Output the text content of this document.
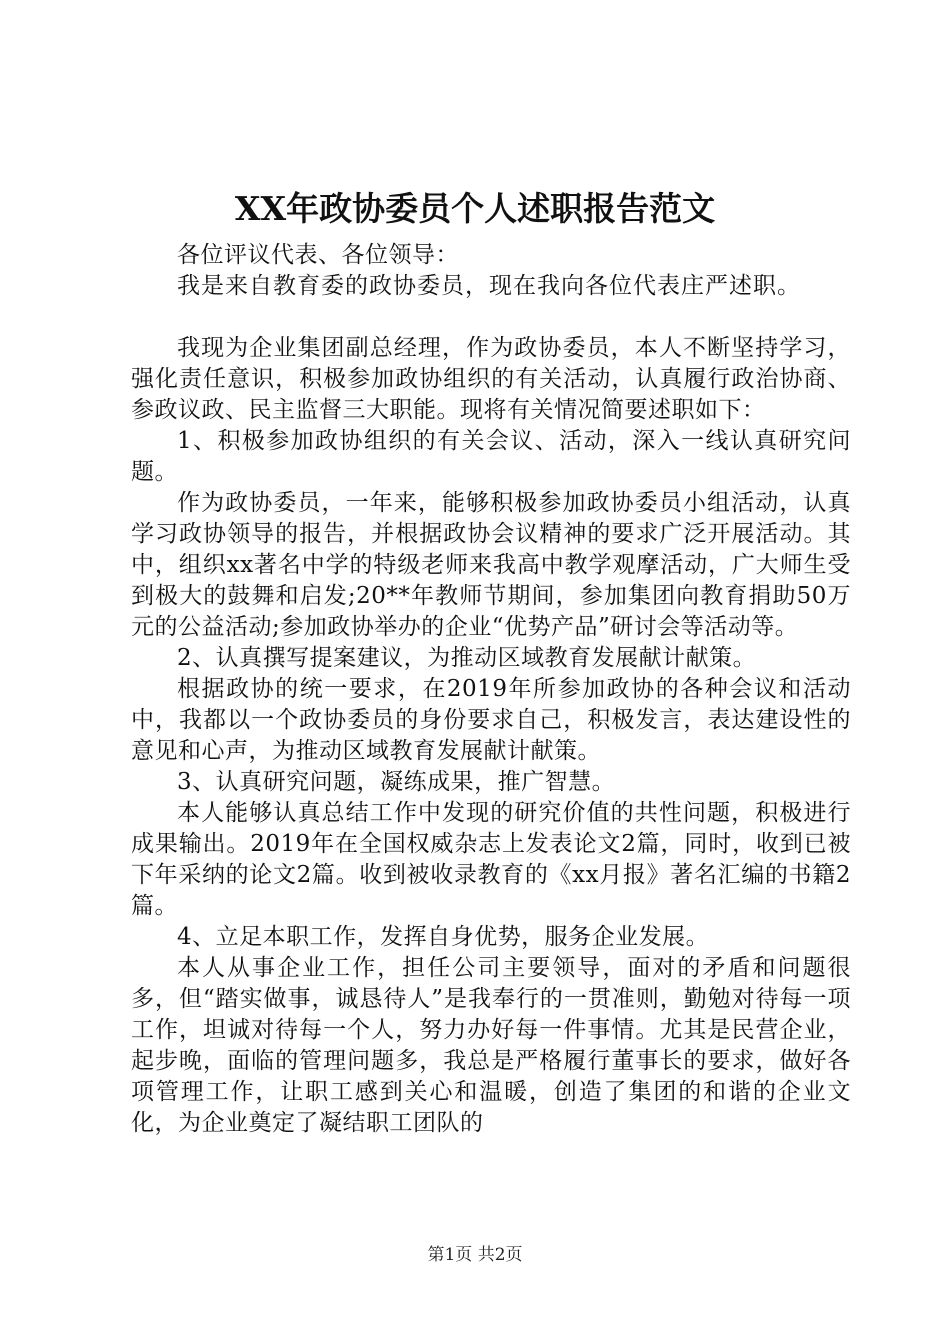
XX年政协委员个人述职报告范文

各位评议代表、各位领导：

我是来自教育委的政协委员，现在我向各位代表庄严述职。

我现为企业集团副总经理，作为政协委员，本人不断坚持学习，强化责任意识，积极参加政协组织的有关活动，认真履行政治协商、参政议政、民主监督三大职能。现将有关情况简要述职如下：

1、积极参加政协组织的有关会议、活动，深入一线认真研究问题。

作为政协委员，一年来，能够积极参加政协委员小组活动，认真学习政协领导的报告，并根据政协会议精神的要求广泛开展活动。其中，组织xx著名中学的特级老师来我高中教学观摩活动，广大师生受到极大的鼓舞和启发;20**年教师节期间，参加集团向教育捐助50万元的公益活动;参加政协举办的企业“优势产品”研讨会等活动等。

2、认真撰写提案建议，为推动区域教育发展献计献策。

根据政协的统一要求，在2019年所参加政协的各种会议和活动中，我都以一个政协委员的身份要求自己，积极发言，表达建设性的意见和心声，为推动区域教育发展献计献策。

3、认真研究问题，凝练成果，推广智慧。

本人能够认真总结工作中发现的研究价值的共性问题，积极进行成果输出。2019年在全国权威杂志上发表论文2篇，同时，收到已被下年采纳的论文2篇。收到被收录教育的《xx月报》著名汇编的书籍2篇。

4、立足本职工作，发挥自身优势，服务企业发展。

本人从事企业工作，担任公司主要领导，面对的矛盾和问题很多，但“踏实做事，诚恳待人”是我奉行的一贯准则，勤勉对待每一项工作，坦诚对待每一个人，努力办好每一件事情。尤其是民营企业，起步晚，面临的管理问题多，我总是严格履行董事长的要求，做好各项管理工作，让职工感到关心和温暖，创造了集团的和谐的企业文化，为企业奠定了凝结职工团队的

第1页 共2页
